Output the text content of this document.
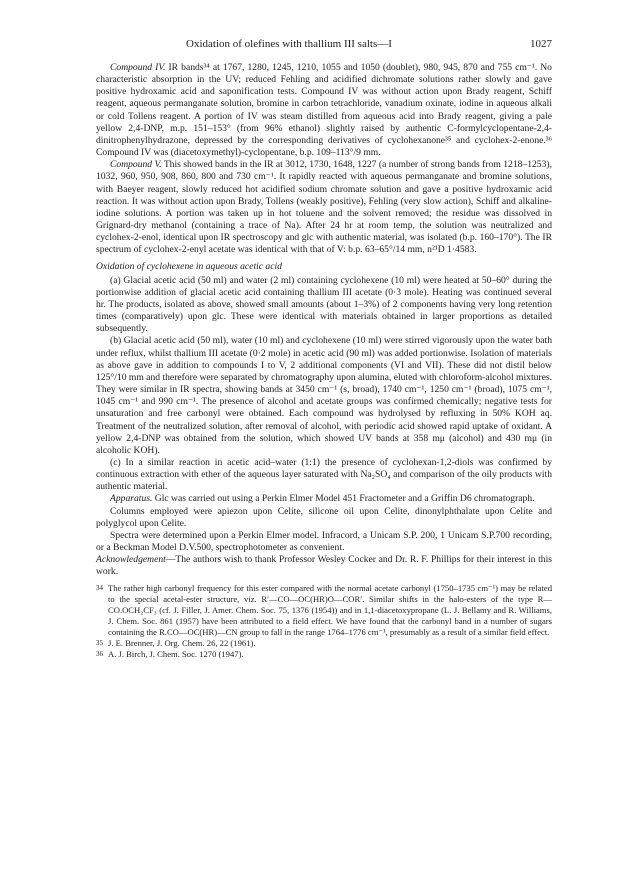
Oxidation of olefines with thallium III salts—I	1027

Compound IV. IR bands³⁴ at 1767, 1280, 1245, 1210, 1055 and 1050 (doublet), 980, 945, 870 and 755 cm⁻¹. No characteristic absorption in the UV; reduced Fehling and acidified dichromate solutions rather slowly and gave positive hydroxamic acid and saponification tests. Compound IV was without action upon Brady reagent, Schiff reagent, aqueous permanganate solution, bromine in carbon tetrachloride, vanadium oxinate, iodine in aqueous alkali or cold Tollens reagent. A portion of IV was steam distilled from aqueous acid into Brady reagent, giving a pale yellow 2,4-DNP, m.p. 151–153° (from 96% ethanol) slightly raised by authentic C-formylcyclopentane-2,4-dinitrophenylhydrazone, depressed by the corresponding derivatives of cyclohexanone³⁵ and cyclohex-2-enone.³⁶ Compound IV was (diacetoxymethyl)-cyclopentane, b.p. 109–113°/9 mm.

Compound V. This showed bands in the IR at 3012, 1730, 1648, 1227 (a number of strong bands from 1218–1253), 1032, 960, 950, 908, 860, 800 and 730 cm⁻¹. It rapidly reacted with aqueous permanganate and bromine solutions, with Baeyer reagent, slowly reduced hot acidified sodium chromate solution and gave a positive hydroxamic acid reaction. It was without action upon Brady, Tollens (weakly positive), Fehling (very slow action), Schiff and alkaline-iodine solutions. A portion was taken up in hot toluene and the solvent removed; the residue was dissolved in Grignard-dry methanol (containing a trace of Na). After 24 hr at room temp, the solution was neutralized and cyclohex-2-enol, identical upon IR spectroscopy and glc with authentic material, was isolated (b.p. 160–170°). The IR spectrum of cyclohex-2-enyl acetate was identical with that of V: b.p. 63–65°/14 mm, n²¹D 1·4583.

Oxidation of cyclohexene in aqueous acetic acid

(a) Glacial acetic acid (50 ml) and water (2 ml) containing cyclohexene (10 ml) were heated at 50–60° during the portionwise addition of glacial acetic acid containing thallium III acetate (0·3 mole). Heating was continued several hr. The products, isolated as above, showed small amounts (about 1–3%) of 2 components having very long retention times (comparatively) upon glc. These were identical with materials obtained in larger proportions as detailed subsequently.

(b) Glacial acetic acid (50 ml), water (10 ml) and cyclohexene (10 ml) were stirred vigorously upon the water bath under reflux, whilst thallium III acetate (0·2 mole) in acetic acid (90 ml) was added portionwise. Isolation of materials as above gave in addition to compounds I to V, 2 additional components (VI and VII). These did not distil below 125°/10 mm and therefore were separated by chromatography upon alumina, eluted with chloroform-alcohol mixtures. They were similar in IR spectra, showing bands at 3450 cm⁻¹ (s, broad), 1740 cm⁻¹, 1250 cm⁻¹ (broad), 1075 cm⁻¹, 1045 cm⁻¹ and 990 cm⁻¹. The presence of alcohol and acetate groups was confirmed chemically; negative tests for unsaturation and free carbonyl were obtained. Each compound was hydrolysed by refluxing in 50% KOH aq. Treatment of the neutralized solution, after removal of alcohol, with periodic acid showed rapid uptake of oxidant. A yellow 2,4-DNP was obtained from the solution, which showed UV bands at 358 mμ (alcohol) and 430 mμ (in alcoholic KOH).

(c) In a similar reaction in acetic acid–water (1:1) the presence of cyclohexan-1,2-diols was confirmed by continuous extraction with ether of the aqueous layer saturated with Na₂SO₄ and comparison of the oily products with authentic material.

Apparatus. Glc was carried out using a Perkin Elmer Model 451 Fractometer and a Griffin D6 chromatograph.

Columns employed were apiezon upon Celite, silicone oil upon Celite, dinonylphthalate upon Celite and polyglycol upon Celite.

Spectra were determined upon a Perkin Elmer model. Infracord, a Unicam S.P. 200, 1 Unicam S.P.700 recording, or a Beckman Model D.V.500, spectrophotometer as convenient.

Acknowledgement—The authors wish to thank Professor Wesley Cocker and Dr. R. F. Phillips for their interest in this work.

34 The rather high carbonyl frequency for this ester compared with the normal acetate carbonyl (1750–1735 cm⁻¹) may be related to the special acetal-ester structure, viz. R′—CO—OC(HR)O—COR′. Similar shifts in the halo-esters of the type R—CO.OCH₂CF₃ (cf. J. Filler, J. Amer. Chem. Soc. 75, 1376 (1954)) and in 1,1-diacetoxypropane (L. J. Bellamy and R. Williams, J. Chem. Soc. 861 (1957) have been attributed to a field effect. We have found that the carbonyl band in a number of sugars containing the R.CO—OC(HR)—CN group to fall in the range 1764–1776 cm⁻¹, presumably as a result of a similar field effect.

35 J. E. Brenner, J. Org. Chem. 26, 22 (1961).

36 A. J. Birch, J. Chem. Soc. 1270 (1947).
